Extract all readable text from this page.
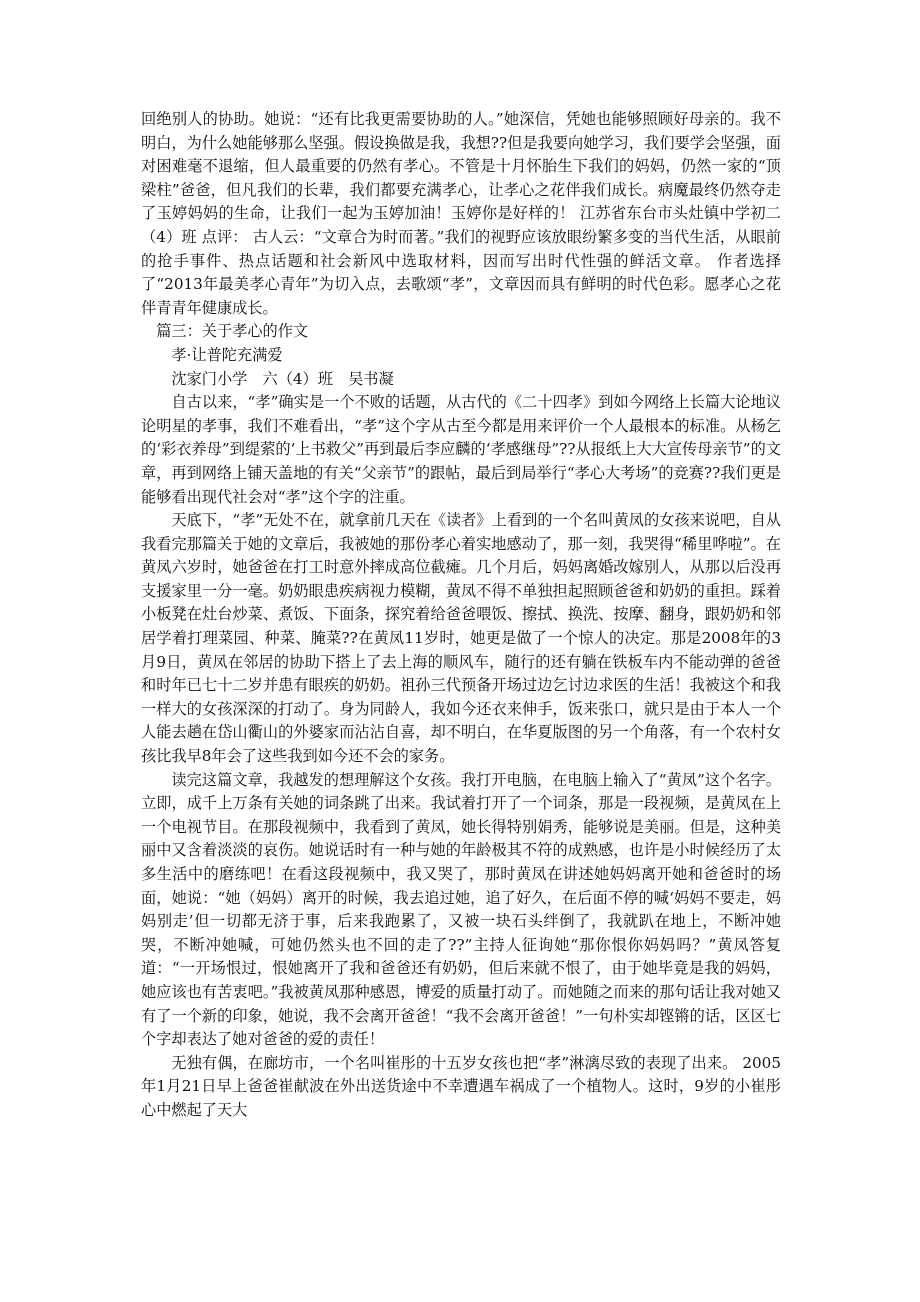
回绝别人的协助。她说：“还有比我更需要协助的人。”她深信，凭她也能够照顾好母亲的。我不明白，为什么她能够那么坚强。假设换做是我，我想??但是我要向她学习，我们要学会坚强，面对困难毫不退缩，但人最重要的仍然有孝心。不管是十月怀胎生下我们的妈妈，仍然一家的“顶梁柱”爸爸，但凡我们的长辈，我们都要充满孝心，让孝心之花伴我们成长。病魔最终仍然夺走了玉婷妈妈的生命，让我们一起为玉婷加油！玉婷你是好样的！ 江苏省东台市头灶镇中学初二（4）班 点评： 古人云：“文章合为时而著。”我们的视野应该放眼纷繁多变的当代生活，从眼前的抢手事件、热点话题和社会新风中选取材料，因而写出时代性强的鲜活文章。 作者选择了“2013年最美孝心青年”为切入点，去歌颂“孝”，文章因而具有鲜明的时代色彩。愿孝心之花伴青青年健康成长。

篇三：关于孝心的作文

孝·让普陀充满爱

沈家门小学　六（4）班　吴书凝

自古以来，“孝”确实是一个不败的话题，从古代的《二十四孝》到如今网络上长篇大论地议论明星的孝事，我们不难看出，“孝”这个字从古至今都是用来评价一个人最根本的标准。从杨乞的‘彩衣养母”到缇萦的‘上书救父”再到最后李应麟的‘孝感继母”??从报纸上大大宣传母亲节”的文章，再到网络上铺天盖地的有关“父亲节”的跟帖，最后到局举行“孝心大考场”的竞赛??我们更是能够看出现代社会对“孝”这个字的注重。

天底下，“孝”无处不在，就拿前几天在《读者》上看到的一个名叫黄凤的女孩来说吧，自从我看完那篇关于她的文章后，我被她的那份孝心着实地感动了，那一刻，我哭得“稀里哗啦”。在黄凤六岁时，她爸爸在打工时意外摔成高位截瘫。几个月后，妈妈离婚改嫁别人，从那以后没再支援家里一分一毫。奶奶眼患疾病视力模糊，黄凤不得不单独担起照顾爸爸和奶奶的重担。踩着小板凳在灶台炒菜、煮饭、下面条，探究着给爸爸喂饭、擦拭、换洗、按摩、翻身，跟奶奶和邻居学着打理菜园、种菜、腌菜??在黄凤11岁时，她更是做了一个惊人的决定。那是2008年的3月9日，黄凤在邻居的协助下搭上了去上海的顺风车，随行的还有躺在铁板车内不能动弹的爸爸和时年已七十二岁并患有眼疾的奶奶。祖孙三代预备开场过边乞讨边求医的生活！我被这个和我一样大的女孩深深的打动了。身为同龄人，我如今还衣来伸手，饭来张口，就只是由于本人一个人能去趟在岱山衢山的外婆家而沾沾自喜，却不明白，在华夏版图的另一个角落，有一个农村女孩比我早8年会了这些我到如今还不会的家务。

读完这篇文章，我越发的想理解这个女孩。我打开电脑，在电脑上输入了“黄凤”这个名字。立即，成千上万条有关她的词条跳了出来。我试着打开了一个词条，那是一段视频，是黄凤在上一个电视节目。在那段视频中，我看到了黄凤，她长得特别娟秀，能够说是美丽。但是，这种美丽中又含着淡淡的哀伤。她说话时有一种与她的年龄极其不符的成熟感，也许是小时候经历了太多生活中的磨练吧！在看这段视频中，我又哭了，那时黄凤在讲述她妈妈离开她和爸爸时的场面，她说：“她（妈妈）离开的时候，我去追过她，追了好久，在后面不停的喊‘妈妈不要走，妈妈别走’但一切都无济于事，后来我跑累了，又被一块石头绊倒了，我就趴在地上，不断冲她哭，不断冲她喊，可她仍然头也不回的走了??”主持人征询她“那你恨你妈妈吗？”黄凤答复道：“一开场恨过，恨她离开了我和爸爸还有奶奶，但后来就不恨了，由于她毕竟是我的妈妈，她应该也有苦衷吧。”我被黄凤那种感恩，博爱的质量打动了。而她随之而来的那句话让我对她又有了一个新的印象，她说，我不会离开爸爸！“我不会离开爸爸！”一句朴实却铿锵的话，区区七个字却表达了她对爸爸的爱的责任！

无独有偶，在廊坊市，一个名叫崔彤的十五岁女孩也把“孝”淋漓尽致的表现了出来。 2005年1月21日早上爸爸崔献波在外出送货途中不幸遭遇车祸成了一个植物人。这时，9岁的小崔彤心中燃起了天大
